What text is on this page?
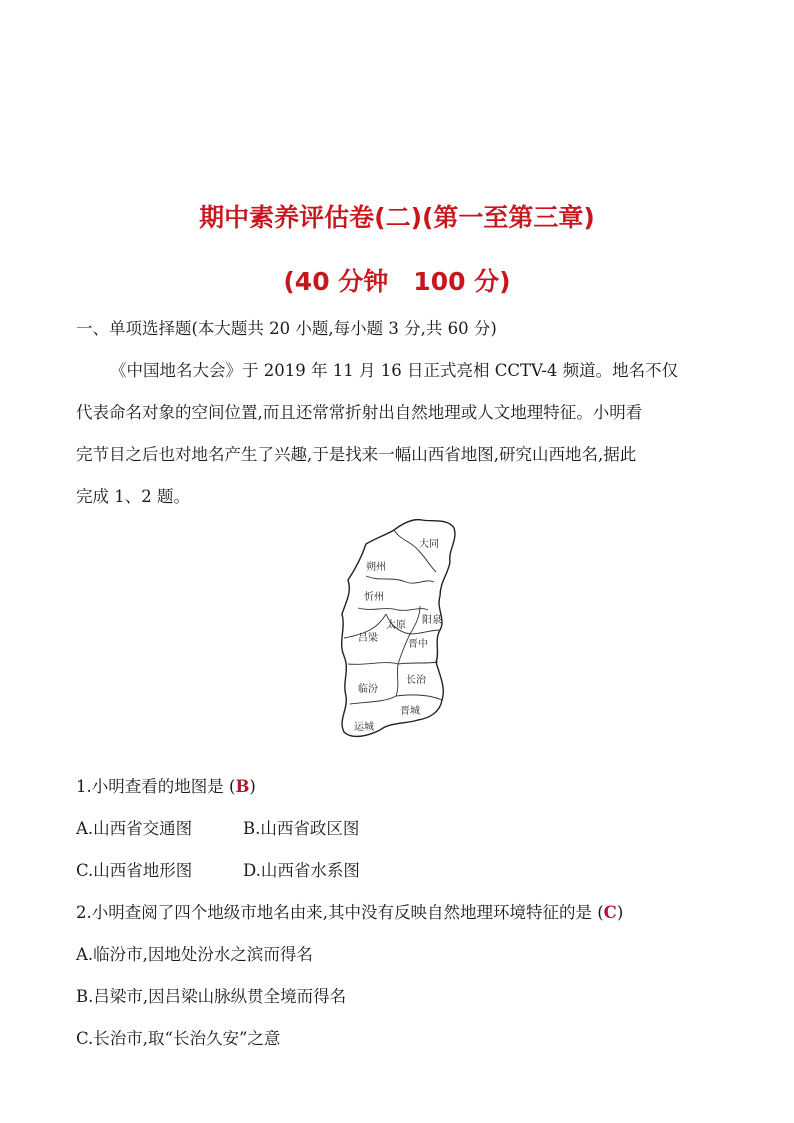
期中素养评估卷(二)(第一至第三章)
(40 分钟　100 分)
一、单项选择题(本大题共 20 小题,每小题 3 分,共 60 分)
《中国地名大会》于 2019 年 11 月 16 日正式亮相 CCTV-4 频道。地名不仅
代表命名对象的空间位置,而且还常常折射出自然地理或人文地理特征。小明看
完节目之后也对地名产生了兴趣,于是找来一幅山西省地图,研究山西地名,据此
完成 1、2 题。
大同
朔州
忻州
阳泉
太原
吕梁
晋中
临汾
长治
晋城
运城
1.小明查看的地图是 (B)
A.山西省交通图	B.山西省政区图
C.山西省地形图	D.山西省水系图
2.小明查阅了四个地级市地名由来,其中没有反映自然地理环境特征的是 (C)
A.临汾市,因地处汾水之滨而得名
B.吕梁市,因吕梁山脉纵贯全境而得名
C.长治市,取“长治久安”之意
